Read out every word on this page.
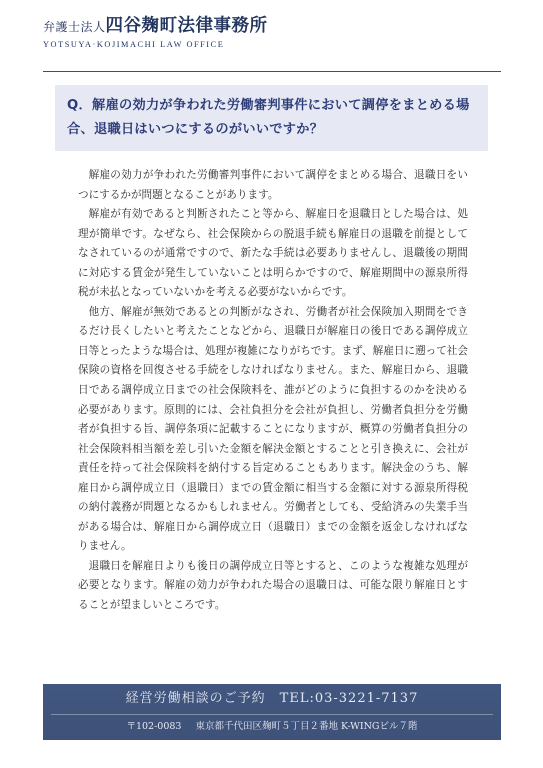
弁護士法人四谷麹町法律事務所
YOTSUYA·KOJIMACHI LAW OFFICE

Q．解雇の効力が争われた労働審判事件において調停をまとめる場合、退職日はいつにするのがいいですか？

解雇の効力が争われた労働審判事件において調停をまとめる場合、退職日をいつにするかが問題となることがあります。

解雇が有効であると判断されたこと等から、解雇日を退職日とした場合は、処理が簡単です。なぜなら、社会保険からの脱退手続も解雇日の退職を前提としてなされているのが通常ですので、新たな手続は必要ありませんし、退職後の期間に対応する賃金が発生していないことは明らかですので、解雇期間中の源泉所得税が未払となっていないかを考える必要がないからです。

他方、解雇が無効であるとの判断がなされ、労働者が社会保険加入期間をできるだけ長くしたいと考えたことなどから、退職日が解雇日の後日である調停成立日等とったような場合は、処理が複雑になりがちです。まず、解雇日に遡って社会保険の資格を回復させる手続をしなければなりません。また、解雇日から、退職日である調停成立日までの社会保険料を、誰がどのように負担するのかを決める必要があります。原則的には、会社負担分を会社が負担し、労働者負担分を労働者が負担する旨、調停条項に記載することになりますが、概算の労働者負担分の社会保険料相当額を差し引いた金額を解決金額とすることと引き換えに、会社が責任を持って社会保険料を納付する旨定めることもあります。解決金のうち、解雇日から調停成立日（退職日）までの賃金額に相当する金額に対する源泉所得税の納付義務が問題となるかもしれません。労働者としても、受給済みの失業手当がある場合は、解雇日から調停成立日（退職日）までの金額を返金しなければなりません。

退職日を解雇日よりも後日の調停成立日等とすると、このような複雑な処理が必要となります。解雇の効力が争われた場合の退職日は、可能な限り解雇日とすることが望ましいところです。

経営労働相談のご予約 TEL:03-3221-7137
〒102-0083 東京都千代田区麹町５丁目２番地 K-WINGビル７階
